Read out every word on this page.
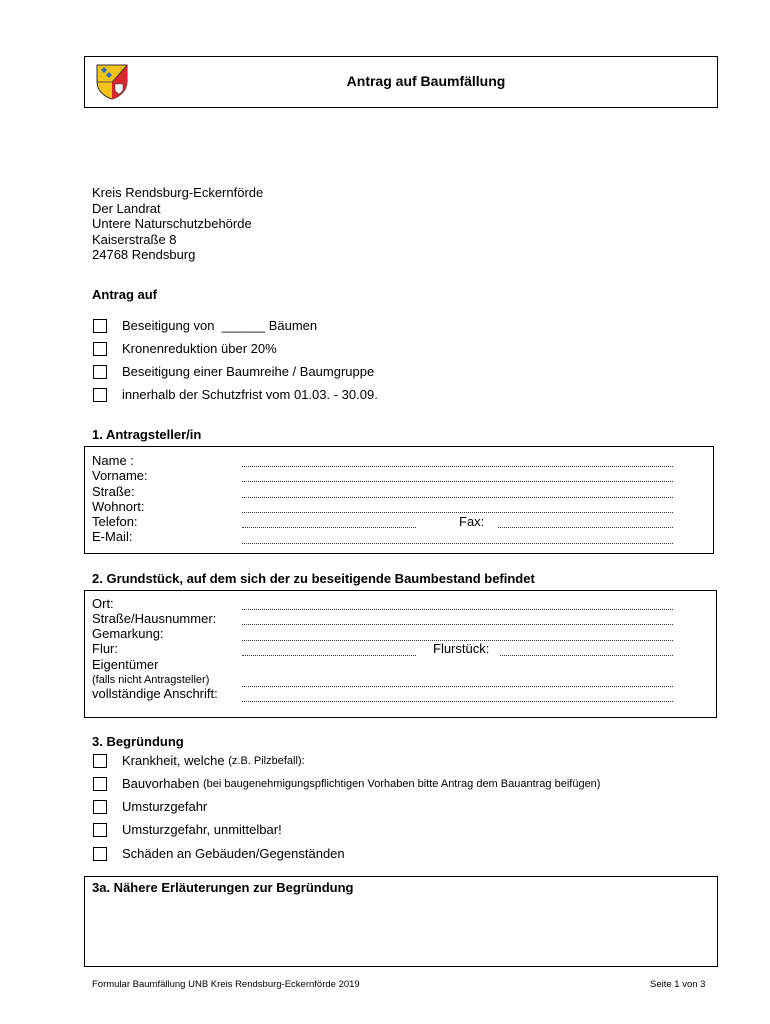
Antrag auf Baumfällung
Kreis Rendsburg-Eckernförde
Der Landrat
Untere Naturschutzbehörde
Kaiserstraße 8
24768 Rendsburg
Antrag auf
Beseitigung von  ______ Bäumen
Kronenreduktion über 20%
Beseitigung einer Baumreihe / Baumgruppe
innerhalb der Schutzfrist vom 01.03. - 30.09.
1. Antragsteller/in
Name :
Vorname:
Straße:
Wohnort:
Telefon:	Fax:
E-Mail:
2. Grundstück, auf dem sich der zu beseitigende Baumbestand befindet
Ort:
Straße/Hausnummer:
Gemarkung:
Flur:	Flurstück:
Eigentümer
(falls nicht Antragsteller)
vollständige Anschrift:
3. Begründung
Krankheit, welche (z.B. Pilzbefall):
Bauvorhaben (bei baugenehmigungspflichtigen Vorhaben bitte Antrag dem Bauantrag beifügen)
Umsturzgefahr
Umsturzgefahr, unmittelbar!
Schäden an Gebäuden/Gegenständen
3a. Nähere Erläuterungen zur Begründung
Formular Baumfällung UNB Kreis Rendsburg-Eckernförde 2019	Seite 1 von 3
